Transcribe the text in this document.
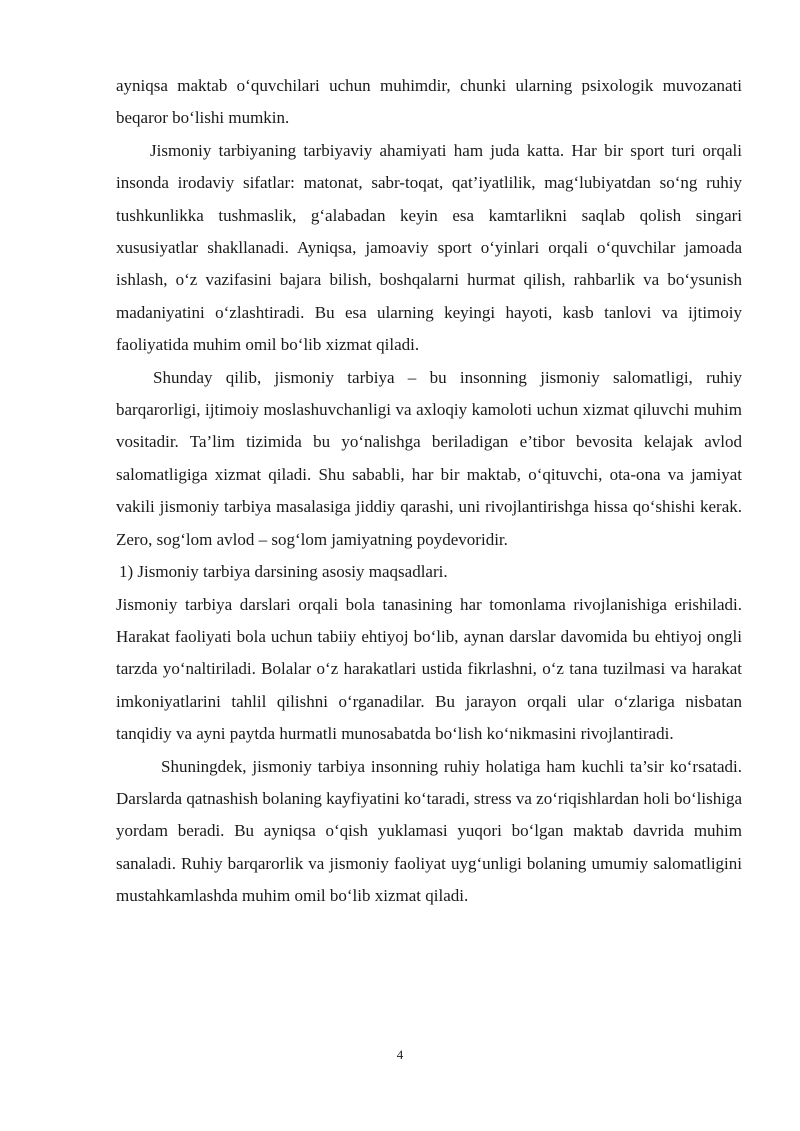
ayniqsa maktab o‘quvchilari uchun muhimdir, chunki ularning psixologik muvozanati beqaror bo‘lishi mumkin.

Jismoniy tarbiyaning tarbiyaviy ahamiyati ham juda katta. Har bir sport turi orqali insonda irodaviy sifatlar: matonat, sabr-toqat, qat’iyatlilik, mag‘lubiyatdan so‘ng ruhiy tushkunlikka tushmaslik, g‘alabadan keyin esa kamtarlikni saqlab qolish singari xususiyatlar shakllanadi. Ayniqsa, jamoaviy sport o‘yinlari orqali o‘quvchilar jamoada ishlash, o‘z vazifasini bajara bilish, boshqalarni hurmat qilish, rahbarlik va bo‘ysunish madaniyatini o‘zlashtiradi. Bu esa ularning keyingi hayoti, kasb tanlovi va ijtimoiy faoliyatida muhim omil bo‘lib xizmat qiladi.

Shunday qilib, jismoniy tarbiya – bu insonning jismoniy salomatligi, ruhiy barqarorligi, ijtimoiy moslashuvchanligi va axloqiy kamoloti uchun xizmat qiluvchi muhim vositadir. Ta’lim tizimida bu yo‘nalishga beriladigan e’tibor bevosita kelajak avlod salomatligiga xizmat qiladi. Shu sababli, har bir maktab, o‘qituvchi, ota-ona va jamiyat vakili jismoniy tarbiya masalasiga jiddiy qarashi, uni rivojlantirishga hissa qo‘shishi kerak. Zero, sog‘lom avlod – sog‘lom jamiyatning poydevoridir.

1) Jismoniy tarbiya darsining asosiy maqsadlari.

Jismoniy tarbiya darslari orqali bola tanasining har tomonlama rivojlanishiga erishiladi. Harakat faoliyati bola uchun tabiiy ehtiyoj bo‘lib, aynan darslar davomida bu ehtiyoj ongli tarzda yo‘naltiriladi. Bolalar o‘z harakatlari ustida fikrlashni, o‘z tana tuzilmasi va harakat imkoniyatlarini tahlil qilishni o‘rganadilar. Bu jarayon orqali ular o‘zlariga nisbatan tanqidiy va ayni paytda hurmatli munosabatda bo‘lish ko‘nikmasini rivojlantiradi.

Shuningdek, jismoniy tarbiya insonning ruhiy holatiga ham kuchli ta’sir ko‘rsatadi. Darslarda qatnashish bolaning kayfiyatini ko‘taradi, stress va zo‘riqishlardan holi bo‘lishiga yordam beradi. Bu ayniqsa o‘qish yuklamasi yuqori bo‘lgan maktab davrida muhim sanaladi. Ruhiy barqarorlik va jismoniy faoliyat uyg‘unligi bolaning umumiy salomatligini mustahkamlashda muhim omil bo‘lib xizmat qiladi.

4
